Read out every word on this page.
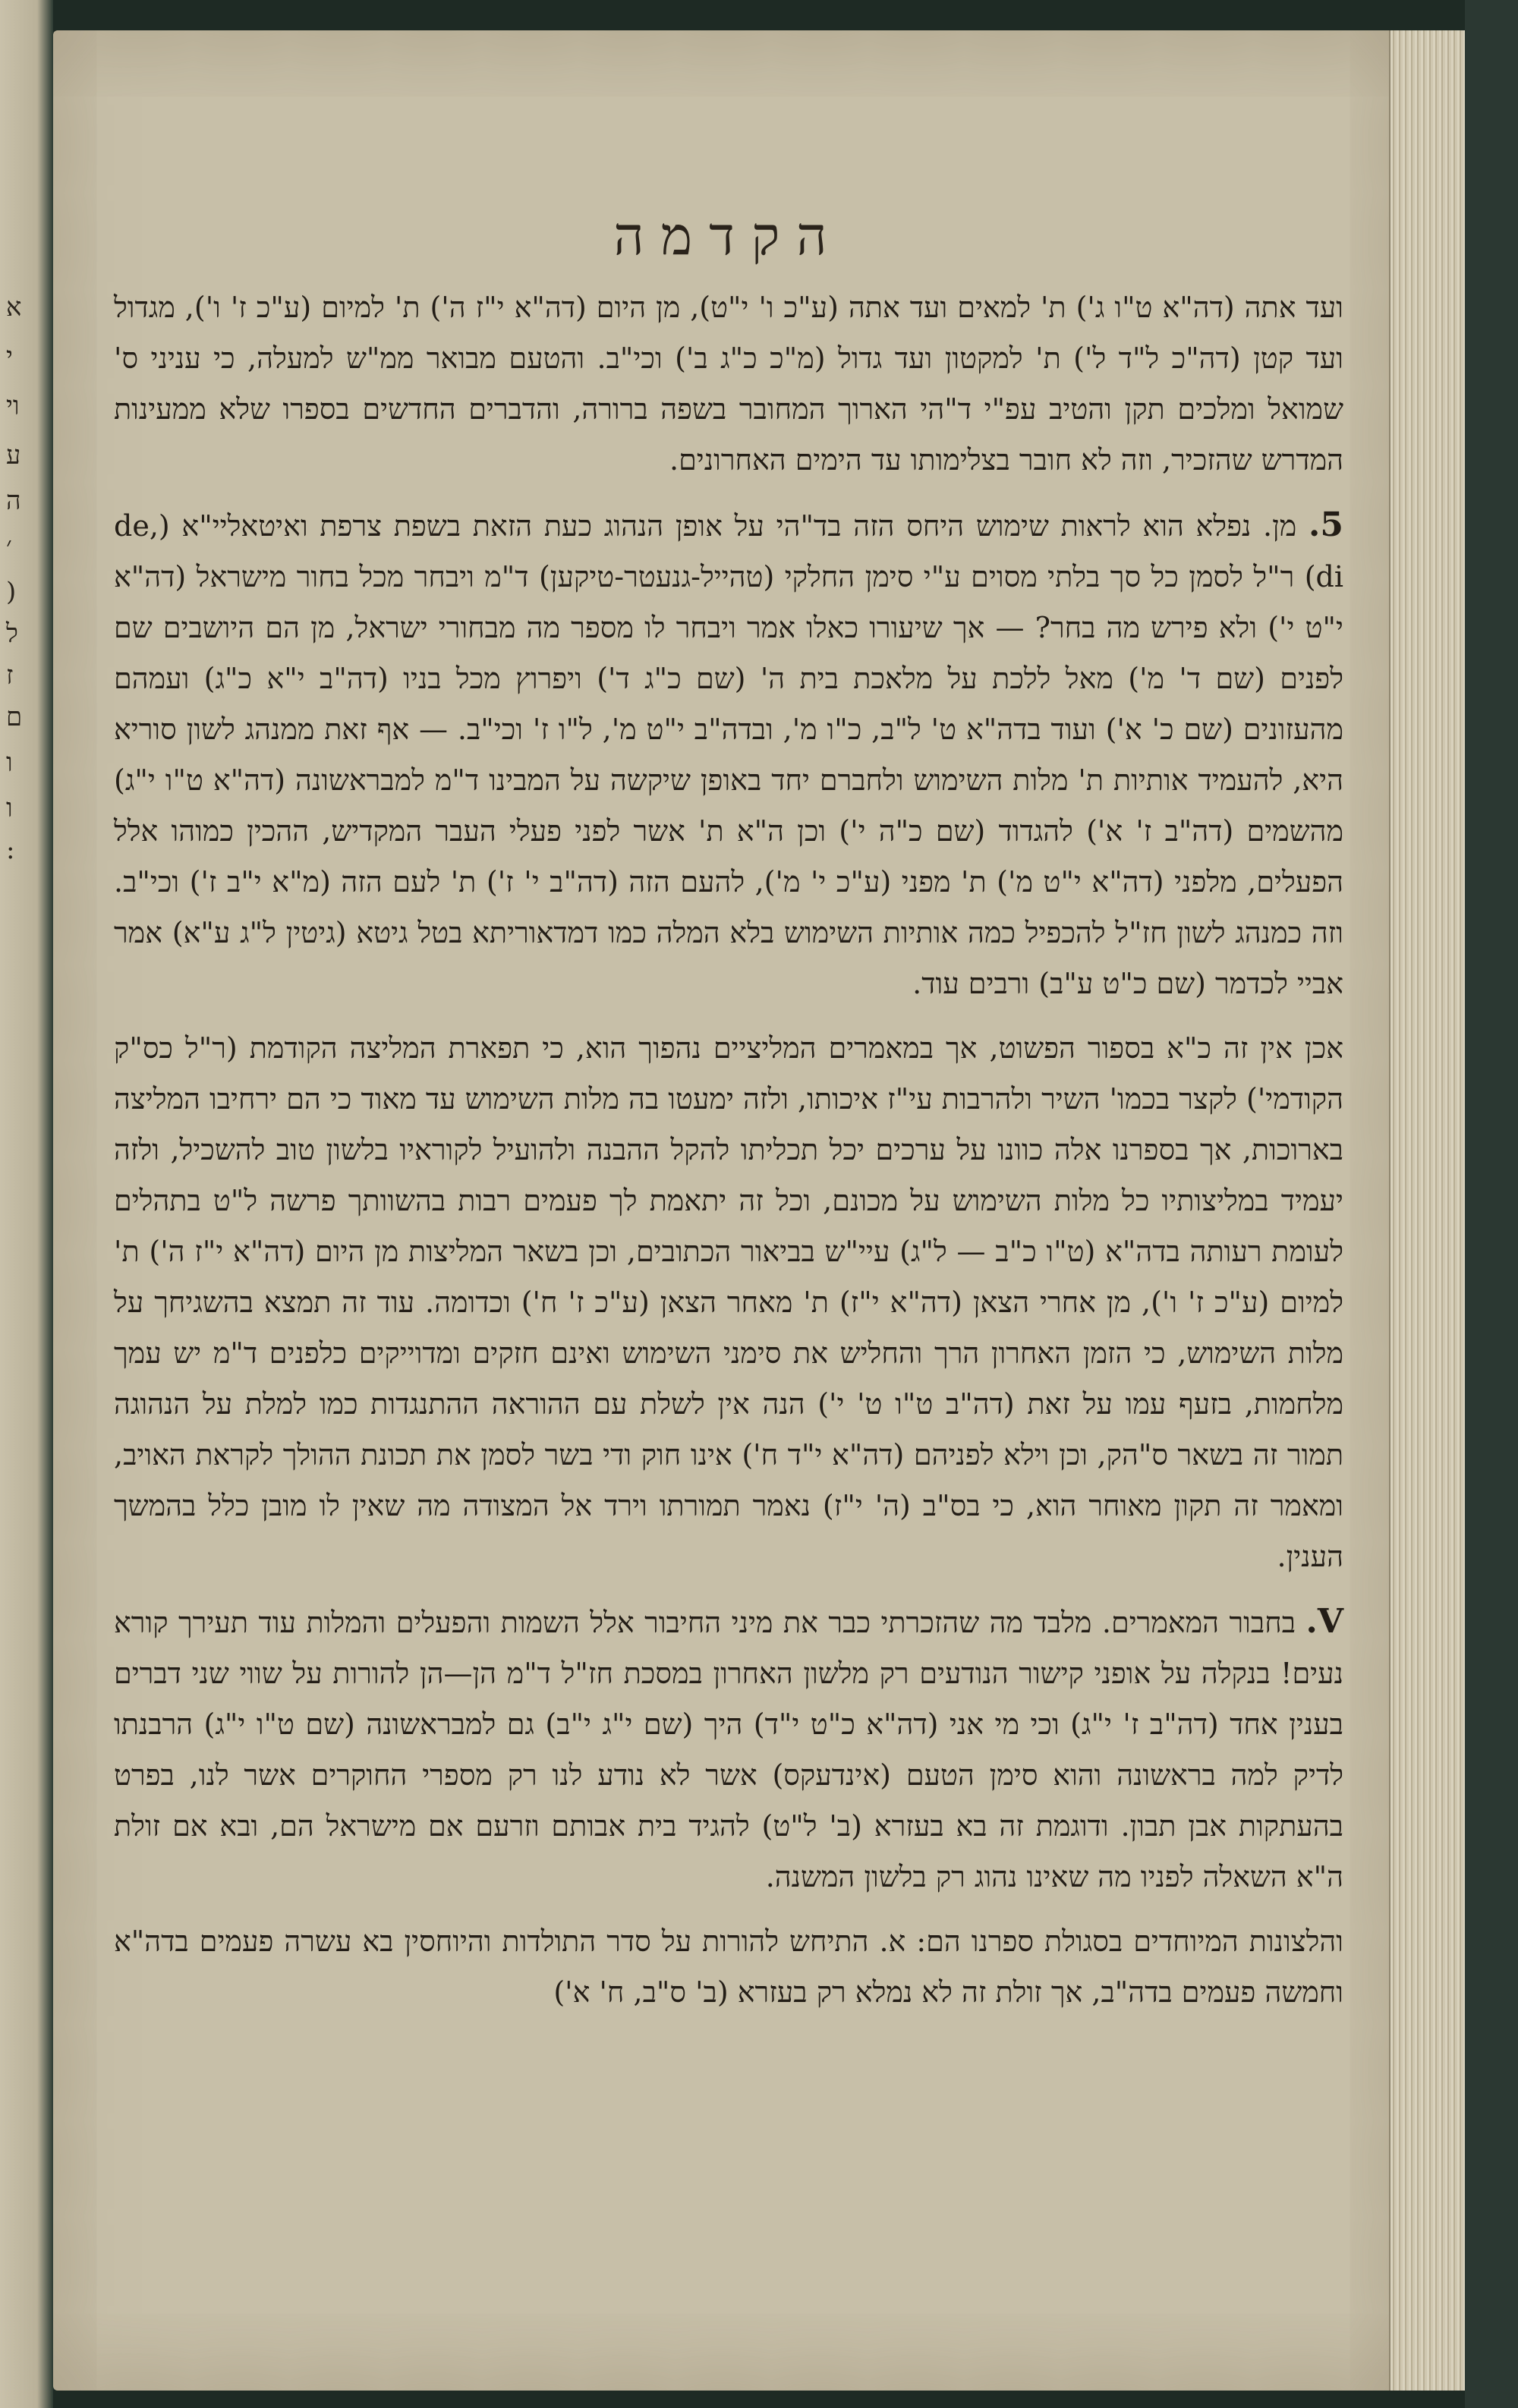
א
י
וי
ע
ה
׳
)
ל
ז
ם
ו
ו
:
הקדמה
ועד אתה (דה"א ט"ו ג') ת' למאים ועד אתה (ע"כ ו' י"ט), מן היום (דה"א י"ז ה') ת' למיום (ע"כ ז' ו'), מגדול ועד קטן (דה"כ ל"ד ל') ת' למקטון ועד גדול (מ"כ כ"ג ב') וכי"ב. והטעם מבואר ממ"ש למעלה, כי עניני ס' שמואל ומלכים תקן והטיב עפ"י ד"הי הארוך המחובר בשפה ברורה, והדברים החדשים בספרו שלא ממעינות המדרש שהזכיר, וזה לא חובר בצלימותו עד הימים האחרונים.
5. מן. נפלא הוא לראות שימוש היחס הזה בד"הי על אופן הנהוג כעת הזאת בשפת צרפת ואיטאליי"א (de, di) ר"ל לסמן כל סך בלתי מסוים ע"י סימן החלקי (טהייל-גנעטר-טיקען) ד"מ ויבחר מכל בחור מישראל (דה"א י"ט י') ולא פירש מה בחר? — אך שיעורו כאלו אמר ויבחר לו מספר מה מבחורי ישראל, מן הם היושבים שם לפנים (שם ד' מ') מאל ללכת על מלאכת בית ה' (שם כ"ג ד') ויפרוץ מכל בניו (דה"ב י"א כ"ג) ועמהם מהעזונים (שם כ' א') ועוד בדה"א ט' ל"ב, כ"ו מ', ובדה"ב י"ט מ', ל"ו ז' וכי"ב. — אף זאת ממנהג לשון סוריא היא, להעמיד אותיות ת' מלות השימוש ולחברם יחד באופן שיקשה על המבינו ד"מ למבראשונה (דה"א ט"ו י"ג) מהשמים (דה"ב ז' א') להגדוד (שם כ"ה י') וכן ה"א ת' אשר לפני פעלי העבר המקדיש, ההכין כמוהו אלל הפעלים, מלפני (דה"א י"ט מ') ת' מפני (ע"כ י' מ'), להעם הזה (דה"ב י' ז') ת' לעם הזה (מ"א י"ב ז') וכי"ב. וזה כמנהג לשון חז"ל להכפיל כמה אותיות השימוש בלא המלה כמו דמדאוריתא בטל גיטא (גיטין ל"ג ע"א) אמר אביי לכדמר (שם כ"ט ע"ב) ורבים עוד.
אכן אין זה כ"א בספור הפשוט, אך במאמרים המליציים נהפוך הוא, כי תפארת המליצה הקודמת (ר"ל כס"ק הקודמי') לקצר בכמו' השיר ולהרבות עי"ז איכותו, ולזה ימעטו בה מלות השימוש עד מאוד כי הם ירחיבו המליצה בארוכות, אך בספרנו אלה כוונו על ערכים יכל תכליתו להקל ההבנה ולהועיל לקוראיו בלשון טוב להשכיל, ולזה יעמיד במליצותיו כל מלות השימוש על מכונם, וכל זה יתאמת לך פעמים רבות בהשוותך פרשה ל"ט בתהלים לעומת רעותה בדה"א (ט"ו כ"ב — ל"ג) עיי"ש בביאור הכתובים, וכן בשאר המליצות מן היום (דה"א י"ז ה') ת' למיום (ע"כ ז' ו'), מן אחרי הצאן (דה"א י"ז) ת' מאחר הצאן (ע"כ ז' ח') וכדומה. עוד זה תמצא בהשגיחך על מלות השימוש, כי הזמן האחרון הרך והחליש את סימני השימוש ואינם חזקים ומדוייקים כלפנים ד"מ יש עמך מלחמות, בזעף עמו על זאת (דה"ב ט"ו ט' י') הנה אין לשלת עם ההוראה ההתנגדות כמו למלת על הנהוגה תמור זה בשאר ס"הק, וכן וילא לפניהם (דה"א י"ד ח') אינו חוק ודי בשר לסמן את תכונת ההולך לקראת האויב, ומאמר זה תקון מאוחר הוא, כי בס"ב (ה' י"ז) נאמר תמורתו וירד אל המצודה מה שאין לו מובן כלל בהמשך הענין.
V. בחבור המאמרים. מלבד מה שהזכרתי כבר את מיני החיבור אלל השמות והפעלים והמלות עוד תעירך קורא נעים! בנקלה על אופני קישור הנודעים רק מלשון האחרון במסכת חז"ל ד"מ הן—הן להורות על שווי שני דברים בענין אחד (דה"ב ז' י"ג) וכי מי אני (דה"א כ"ט י"ד) היך (שם י"ג י"ב) גם למבראשונה (שם ט"ו י"ג) הרבנתו לדיק למה בראשונה והוא סימן הטעם (אינדעקס) אשר לא נודע לנו רק מספרי החוקרים אשר לנו, בפרט בהעתקות אבן תבון. ודוגמת זה בא בעזרא (ב' ל"ט) להגיד בית אבותם וזרעם אם מישראל הם, ובא אם זולת ה"א השאלה לפניו מה שאינו נהוג רק בלשון המשנה.
והלצונות המיוחדים בסגולת ספרנו הם: א. התיחש להורות על סדר התולדות והיוחסין בא עשרה פעמים בדה"א וחמשה פעמים בדה"ב, אך זולת זה לא נמלא רק בעזרא (ב' ס"ב, ח' א')
